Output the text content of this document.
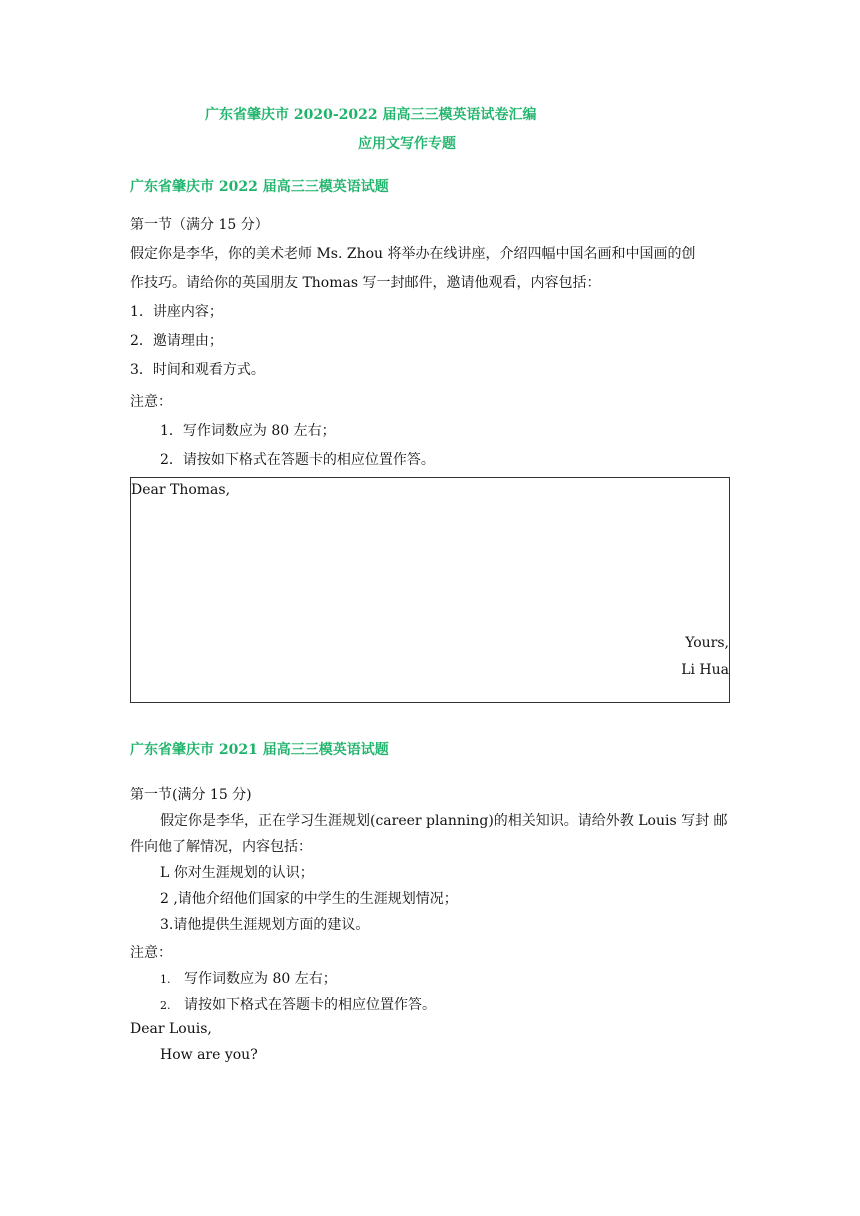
广东省肇庆市 2020-2022 届高三三模英语试卷汇编
应用文写作专题
广东省肇庆市 2022 届高三三模英语试题
第一节（满分 15 分）
假定你是李华，你的美术老师 Ms. Zhou 将举办在线讲座，介绍四幅中国名画和中国画的创
作技巧。请给你的英国朋友 Thomas 写一封邮件，邀请他观看，内容包括：
1．讲座内容；
2．邀请理由；
3．时间和观看方式。
注意：
1．写作词数应为 80 左右；
2．请按如下格式在答题卡的相应位置作答。
Dear Thomas,
Yours,
Li Hua
广东省肇庆市 2021 届高三三模英语试题
第一节(满分 15 分)
假定你是李华，正在学习生涯规划(career planning)的相关知识。请给外教 Louis 写封 邮
件向他了解情况，内容包括：
L 你对生涯规划的认识；
2 ,请他介绍他们国家的中学生的生涯规划情况；
3.请他提供生涯规划方面的建议。
注意：
1. 写作词数应为 80 左右；
2. 请按如下格式在答题卡的相应位置作答。
Dear Louis,
How are you?
